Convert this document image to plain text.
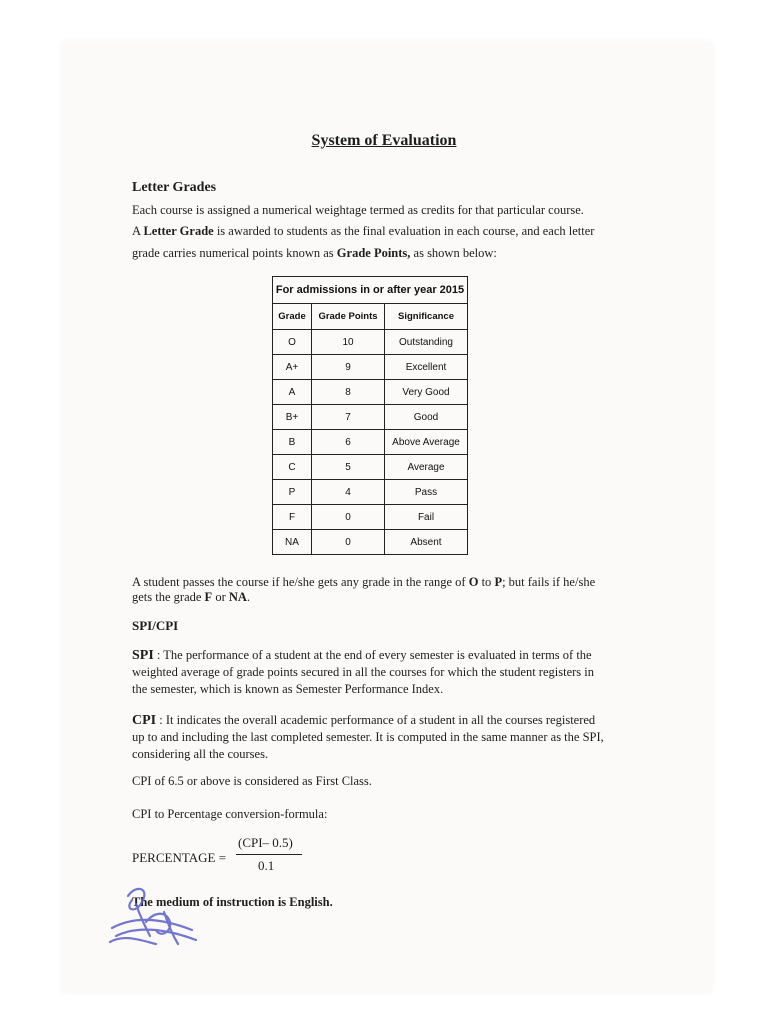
System of Evaluation
Letter Grades
Each course is assigned a numerical weightage termed as credits for that particular course.
A Letter Grade is awarded to students as the final evaluation in each course, and each letter
grade carries numerical points known as Grade Points, as shown below:
For admissions in or after year 2015		
Grade	Grade Points	Significance
O	10	Outstanding
A+	9	Excellent
A	8	Very Good
B+	7	Good
B	6	Above Average
C	5	Average
P	4	Pass
F	0	Fail
NA	0	Absent
A student passes the course if he/she gets any grade in the range of O to P; but fails if he/she
gets the grade F or NA.
SPI/CPI
SPI : The performance of a student at the end of every semester is evaluated in terms of the
weighted average of grade points secured in all the courses for which the student registers in
the semester, which is known as Semester Performance Index.
CPI : It indicates the overall academic performance of a student in all the courses registered
up to and including the last completed semester. It is computed in the same manner as the SPI,
considering all the courses.
CPI of 6.5 or above is considered as First Class.
CPI to Percentage conversion-formula:
PERCENTAGE =
(CPI– 0.5)
0.1
The medium of instruction is English.
